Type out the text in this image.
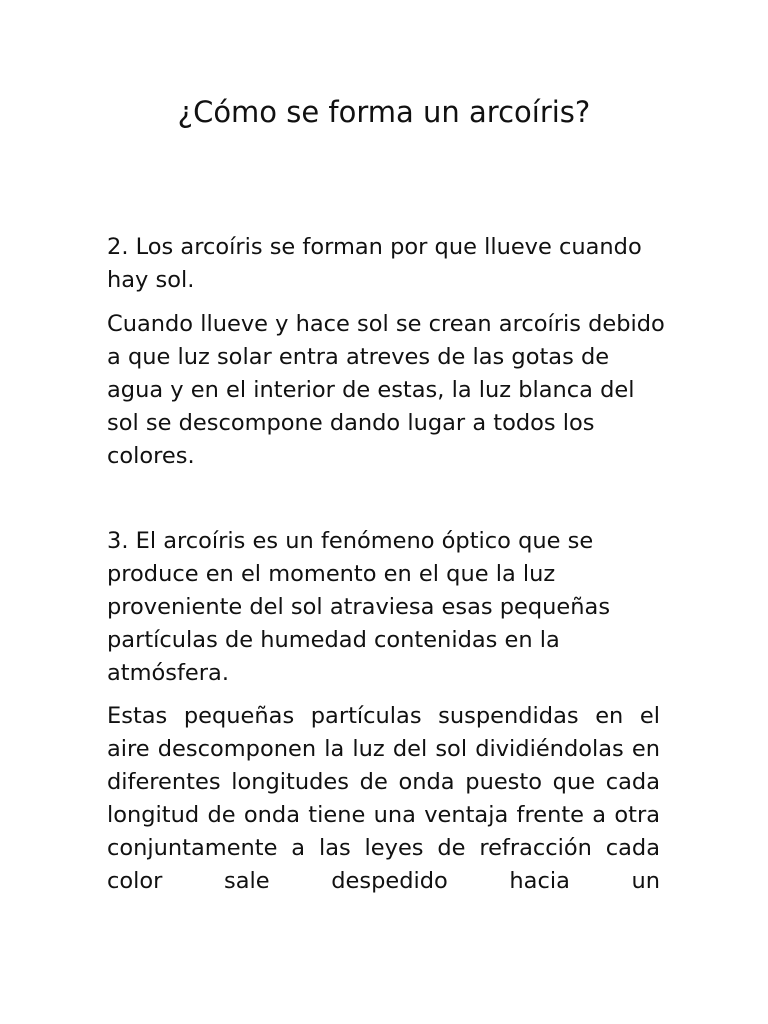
¿Cómo se forma un arcoíris?

2. Los arcoíris se forman por que llueve cuando hay sol.

Cuando llueve y hace sol se crean arcoíris debido a que luz solar entra atreves de las gotas de agua y en el interior de estas, la luz blanca del sol se descompone dando lugar a todos los colores.

3. El arcoíris es un fenómeno óptico que se produce en el momento en el que la luz proveniente del sol atraviesa esas pequeñas partículas de humedad contenidas en la atmósfera.

Estas pequeñas partículas suspendidas en el aire descomponen la luz del sol dividiéndolas en diferentes longitudes de onda puesto que cada longitud de onda tiene una ventaja frente a otra conjuntamente a las leyes de refracción cada color sale despedido hacia un
